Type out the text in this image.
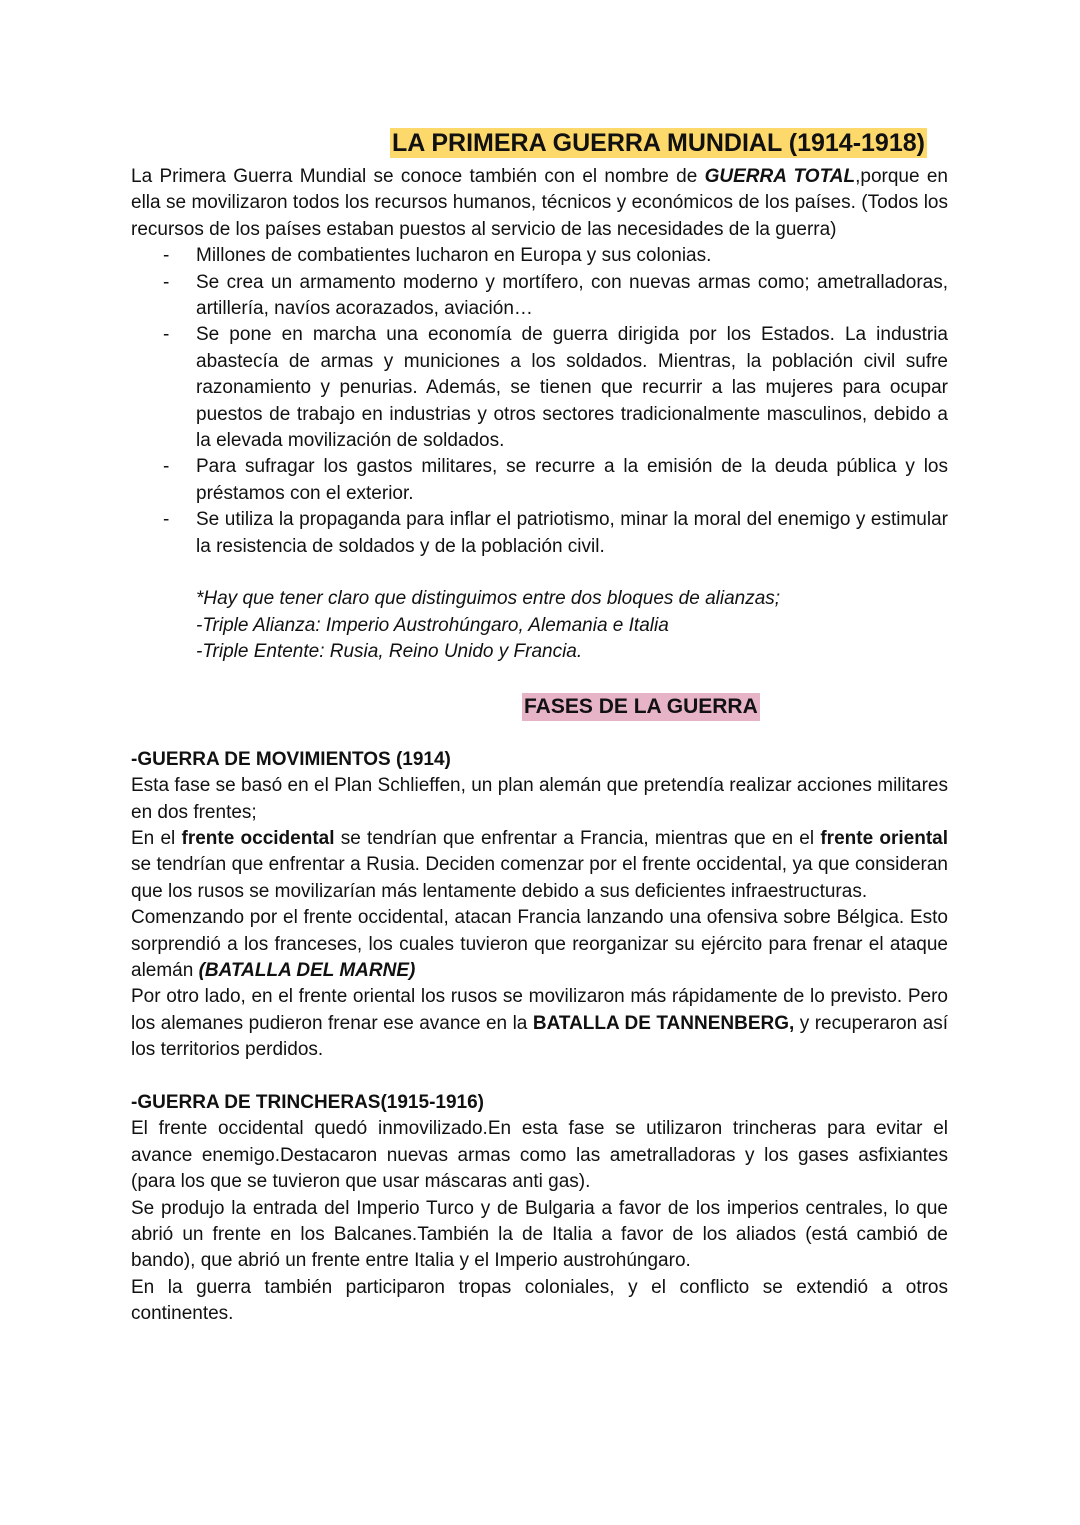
LA PRIMERA GUERRA MUNDIAL (1914-1918)

La Primera Guerra Mundial se conoce también con el nombre de GUERRA TOTAL,porque en ella se movilizaron todos los recursos humanos, técnicos y económicos de los países. (Todos los recursos de los países estaban puestos al servicio de las necesidades de la guerra)

- Millones de combatientes lucharon en Europa y sus colonias.
- Se crea un armamento moderno y mortífero, con nuevas armas como; ametralladoras, artillería, navíos acorazados, aviación…
- Se pone en marcha una economía de guerra dirigida por los Estados. La industria abastecía de armas y municiones a los soldados. Mientras, la población civil sufre razonamiento y penurias. Además, se tienen que recurrir a las mujeres para ocupar puestos de trabajo en industrias y otros sectores tradicionalmente masculinos, debido a la elevada movilización de soldados.
- Para sufragar los gastos militares, se recurre a la emisión de la deuda pública y los préstamos con el exterior.
- Se utiliza la propaganda para inflar el patriotismo, minar la moral del enemigo y estimular la resistencia de soldados y de la población civil.

*Hay que tener claro que distinguimos entre dos bloques de alianzas;

-Triple Alianza: Imperio Austrohúngaro, Alemania e Italia

-Triple Entente: Rusia, Reino Unido y Francia.

FASES DE LA GUERRA

-GUERRA DE MOVIMIENTOS (1914)

Esta fase se basó en el Plan Schlieffen, un plan alemán que pretendía realizar acciones militares en dos frentes;

En el frente occidental se tendrían que enfrentar a Francia, mientras que en el frente oriental se tendrían que enfrentar a Rusia. Deciden comenzar por el frente occidental, ya que consideran que los rusos se movilizarían más lentamente debido a sus deficientes infraestructuras.

Comenzando por el frente occidental, atacan Francia lanzando una ofensiva sobre Bélgica. Esto sorprendió a los franceses, los cuales tuvieron que reorganizar su ejército para frenar el ataque alemán (BATALLA DEL MARNE)

Por otro lado, en el frente oriental los rusos se movilizaron más rápidamente de lo previsto. Pero los alemanes pudieron frenar ese avance en la BATALLA DE TANNENBERG, y recuperaron así los territorios perdidos.

-GUERRA DE TRINCHERAS(1915-1916)

El frente occidental quedó inmovilizado.En esta fase se utilizaron trincheras para evitar el avance enemigo.Destacaron nuevas armas como las ametralladoras y los gases asfixiantes (para los que se tuvieron que usar máscaras anti gas).

Se produjo la entrada del Imperio Turco y de Bulgaria a favor de los imperios centrales, lo que abrió un frente en los Balcanes.También la de Italia a favor de los aliados (está cambió de bando), que abrió un frente entre Italia y el Imperio austrohúngaro.

En la guerra también participaron tropas coloniales, y el conflicto se extendió a otros continentes.
